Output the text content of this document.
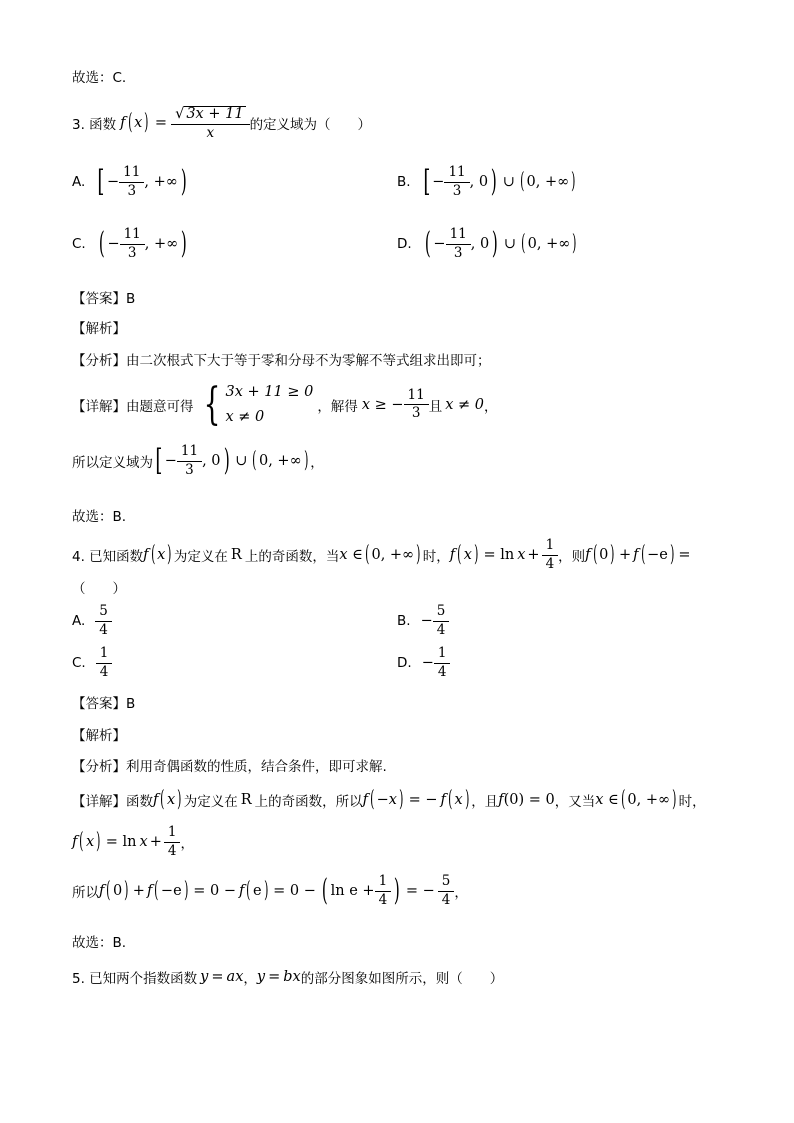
故选：C.
3. 函数 f ( x ) = $\frac{√ 3x + 11}{x}$ 的定义域为（　　）
A. [ − $\frac{11}{3}$ , +∞ )	B. [ − $\frac{11}{3}$ , 0 ) ∪ ( 0, +∞ )
C. ( − $\frac{11}{3}$ , +∞ )	D. ( − $\frac{11}{3}$ , 0 ) ∪ ( 0, +∞ )
【答案】B
【解析】
【分析】由二次根式下大于等于零和分母不为零解不等式组求出即可；
【详解】由题意可得 { 3x + 11 ≥ 0
x ≠ 0
，解得 x ≥ − $\frac{11}{3}$ 且 x ≠ 0 ，
所以定义域为 [ − $\frac{11}{3}$ , 0 ) ∪ ( 0, +∞ ) ，
故选：B.
4. 已知函数 f ( x ) 为定义在 R 上的奇函数，当 x ∈ ( 0, +∞ ) 时， f ( x ) = $\ln x + \frac{1}{4}$ ，则 f ( 0 ) + f ( −e ) =
（　　）
A. $\frac{5}{4}$	B. − $\frac{5}{4}$
C. $\frac{1}{4}$	D. − $\frac{1}{4}$
【答案】B
【解析】
【分析】利用奇偶函数的性质，结合条件，即可求解.
【详解】函数 f ( x ) 为定义在 R 上的奇函数，所以 f ( − x ) = − f ( x ) ，且 f (0) = 0 ，又当 x ∈ ( 0, +∞ ) 时，
f ( x ) = $\ln x + \frac{1}{4}$ ，
所以 f ( 0 ) + f ( −e ) = 0 − f ( e ) = 0 − ( $\ln e + \frac{1}{4}$ ) = − $\frac{5}{4}$ ，
故选：B.
5. 已知两个指数函数 y = a x ， y = b x 的部分图象如图所示，则（　　）
